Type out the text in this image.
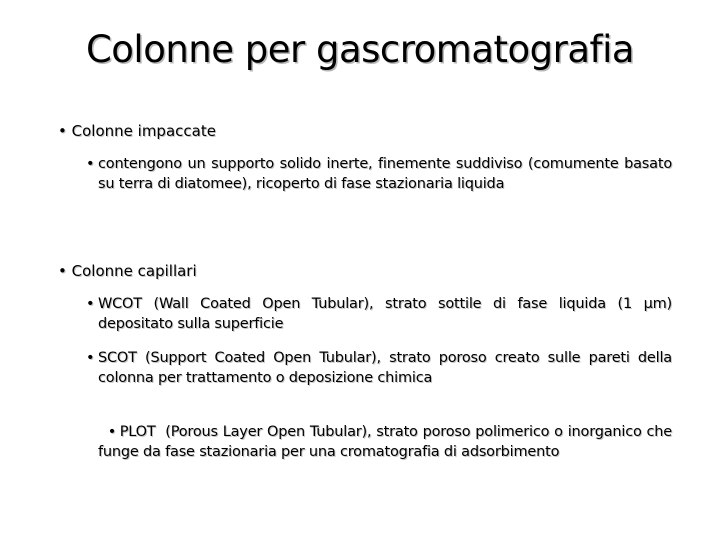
Colonne per gascromatografia
• Colonne impaccate
• contengono un supporto solido inerte, finemente suddiviso (comumente basato su terra di diatomee), ricoperto di fase stazionaria liquida
• Colonne capillari
• WCOT (Wall Coated Open Tubular), strato sottile di fase liquida (1 µm) depositato sulla superficie
• SCOT (Support Coated Open Tubular), strato poroso creato sulle pareti della colonna per trattamento o deposizione chimica

• PLOT  (Porous Layer Open Tubular), strato poroso polimerico o inorganico che funge da fase stazionaria per una cromatografia di adsorbimento
